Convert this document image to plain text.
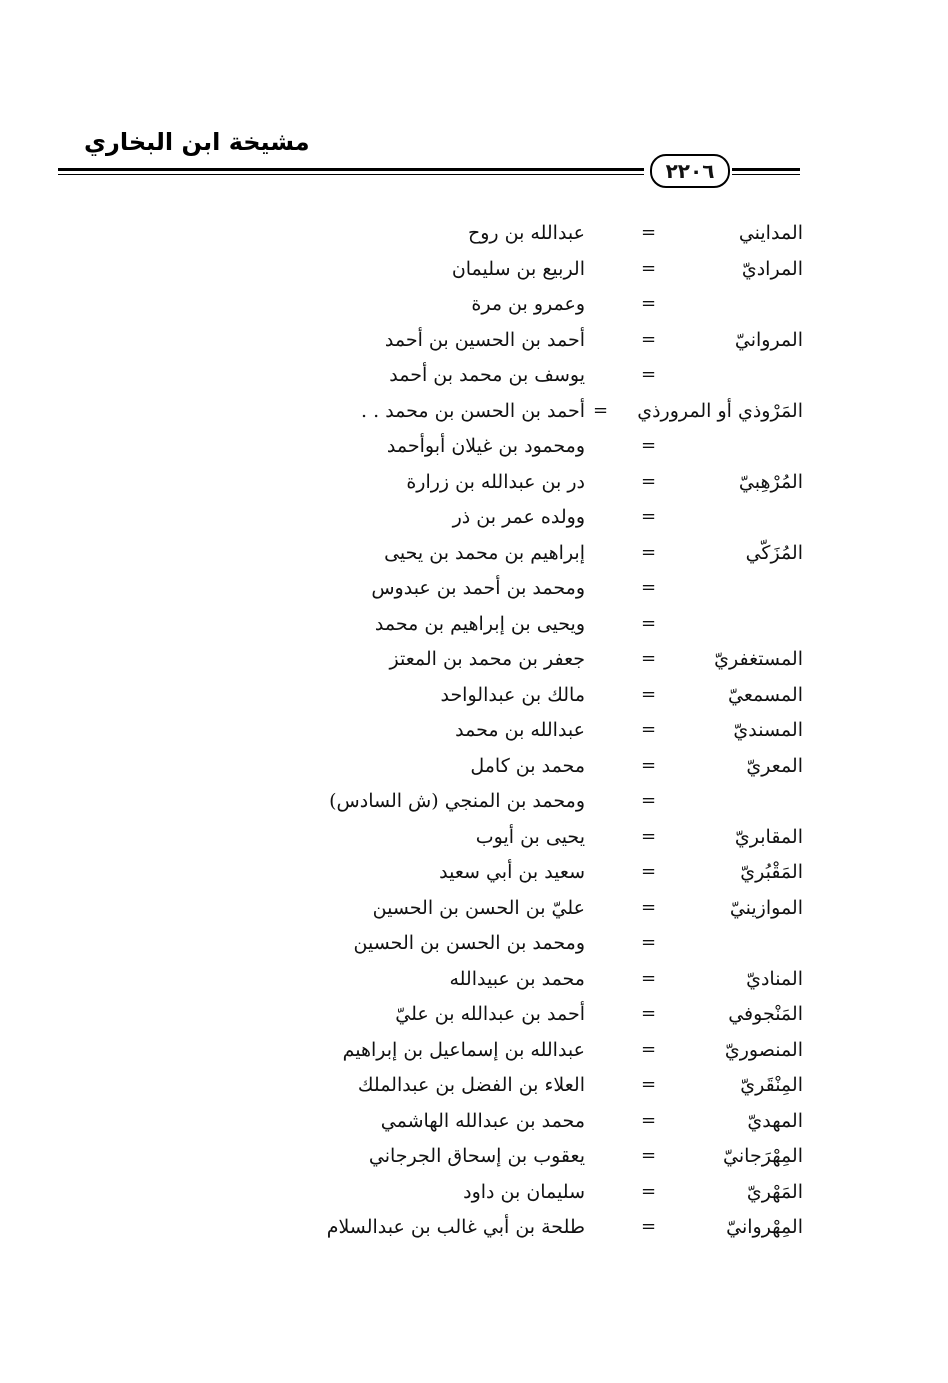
مشيخة ابن البخاري
٢٢٠٦
المدايني
=
عبدالله بن روح
المراديّ
=
الربيع بن سليمان
=
وعمرو بن مرة
المروانيّ
=
أحمد بن الحسين بن أحمد
=
يوسف بن محمد بن أحمد
المَرْوذي أو المرورذي
=
أحمد بن الحسن بن محمد . .
=
ومحمود بن غيلان أبوأحمد
المُرْهِبيّ
=
در بن عبدالله بن زرارة
=
وولده عمر بن ذر
المُزَكّي
=
إبراهيم بن محمد بن يحيى
=
ومحمد بن أحمد بن عبدوس
=
ويحيى بن إبراهيم بن محمد
المستغفريّ
=
جعفر بن محمد بن المعتز
المسمعيّ
=
مالك بن عبدالواحد
المسنديّ
=
عبدالله بن محمد
المعريّ
=
محمد بن كامل
=
ومحمد بن المنجي (ش السادس)
المقابريّ
=
يحيى بن أيوب
المَقْبُريّ
=
سعيد بن أبي سعيد
الموازينيّ
=
عليّ بن الحسن بن الحسين
=
ومحمد بن الحسن بن الحسين
المناديّ
=
محمد بن عبيدالله
المَنْجوفي
=
أحمد بن عبدالله بن عليّ
المنصوريّ
=
عبدالله بن إسماعيل بن إبراهيم
المِنْقَريّ
=
العلاء بن الفضل بن عبدالملك
المهديّ
=
محمد بن عبدالله الهاشمي
المِهْرَجانيّ
=
يعقوب بن إسحاق الجرجاني
المَهْريّ
=
سليمان بن داود
المِهْروانيّ
=
طلحة بن أبي غالب بن عبدالسلام
